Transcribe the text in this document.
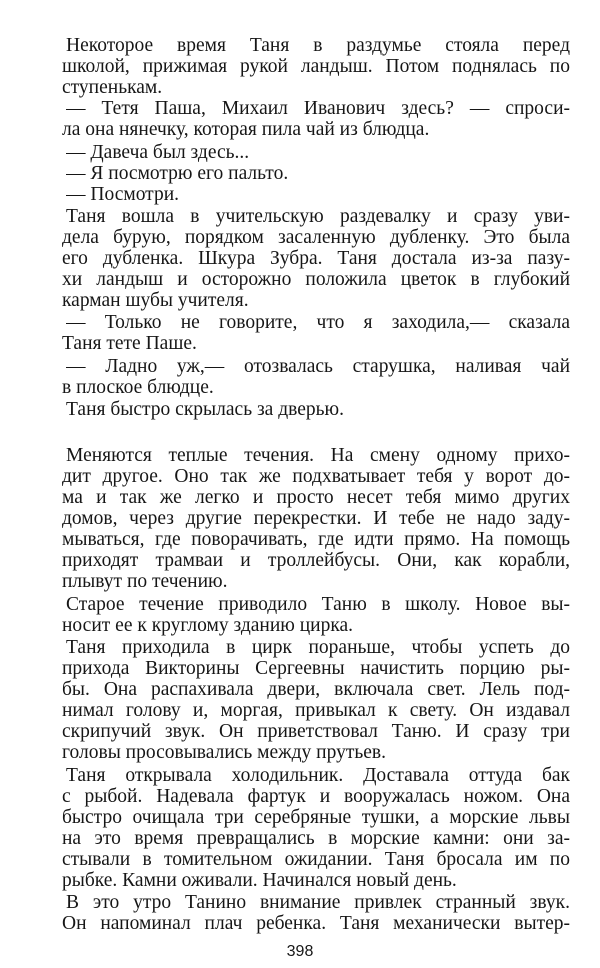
Некоторое время Таня в раздумье стояла перед
школой, прижимая рукой ландыш. Потом поднялась по
ступенькам.
— Тетя Паша, Михаил Иванович здесь? — спроси-
ла она нянечку, которая пила чай из блюдца.
— Давеча был здесь...
— Я посмотрю его пальто.
— Посмотри.
Таня вошла в учительскую раздевалку и сразу уви-
дела бурую, порядком засаленную дубленку. Это была
его дубленка. Шкура Зубра. Таня достала из-за пазу-
хи ландыш и осторожно положила цветок в глубокий
карман шубы учителя.
— Только не говорите, что я заходила,— сказала
Таня тете Паше.
— Ладно уж,— отозвалась старушка, наливая чай
в плоское блюдце.
Таня быстро скрылась за дверью.
Меняются теплые течения. На смену одному прихо-
дит другое. Оно так же подхватывает тебя у ворот до-
ма и так же легко и просто несет тебя мимо других
домов, через другие перекрестки. И тебе не надо заду-
мываться, где поворачивать, где идти прямо. На помощь
приходят трамваи и троллейбусы. Они, как корабли,
плывут по течению.
Старое течение приводило Таню в школу. Новое вы-
носит ее к круглому зданию цирка.
Таня приходила в цирк пораньше, чтобы успеть до
прихода Викторины Сергеевны начистить порцию ры-
бы. Она распахивала двери, включала свет. Лель под-
нимал голову и, моргая, привыкал к свету. Он издавал
скрипучий звук. Он приветствовал Таню. И сразу три
головы просовывались между прутьев.
Таня открывала холодильник. Доставала оттуда бак
с рыбой. Надевала фартук и вооружалась ножом. Она
быстро очищала три серебряные тушки, а морские львы
на это время превращались в морские камни: они за-
стывали в томительном ожидании. Таня бросала им по
рыбке. Камни оживали. Начинался новый день.
В это утро Танино внимание привлек странный звук.
Он напоминал плач ребенка. Таня механически вытер-
398
